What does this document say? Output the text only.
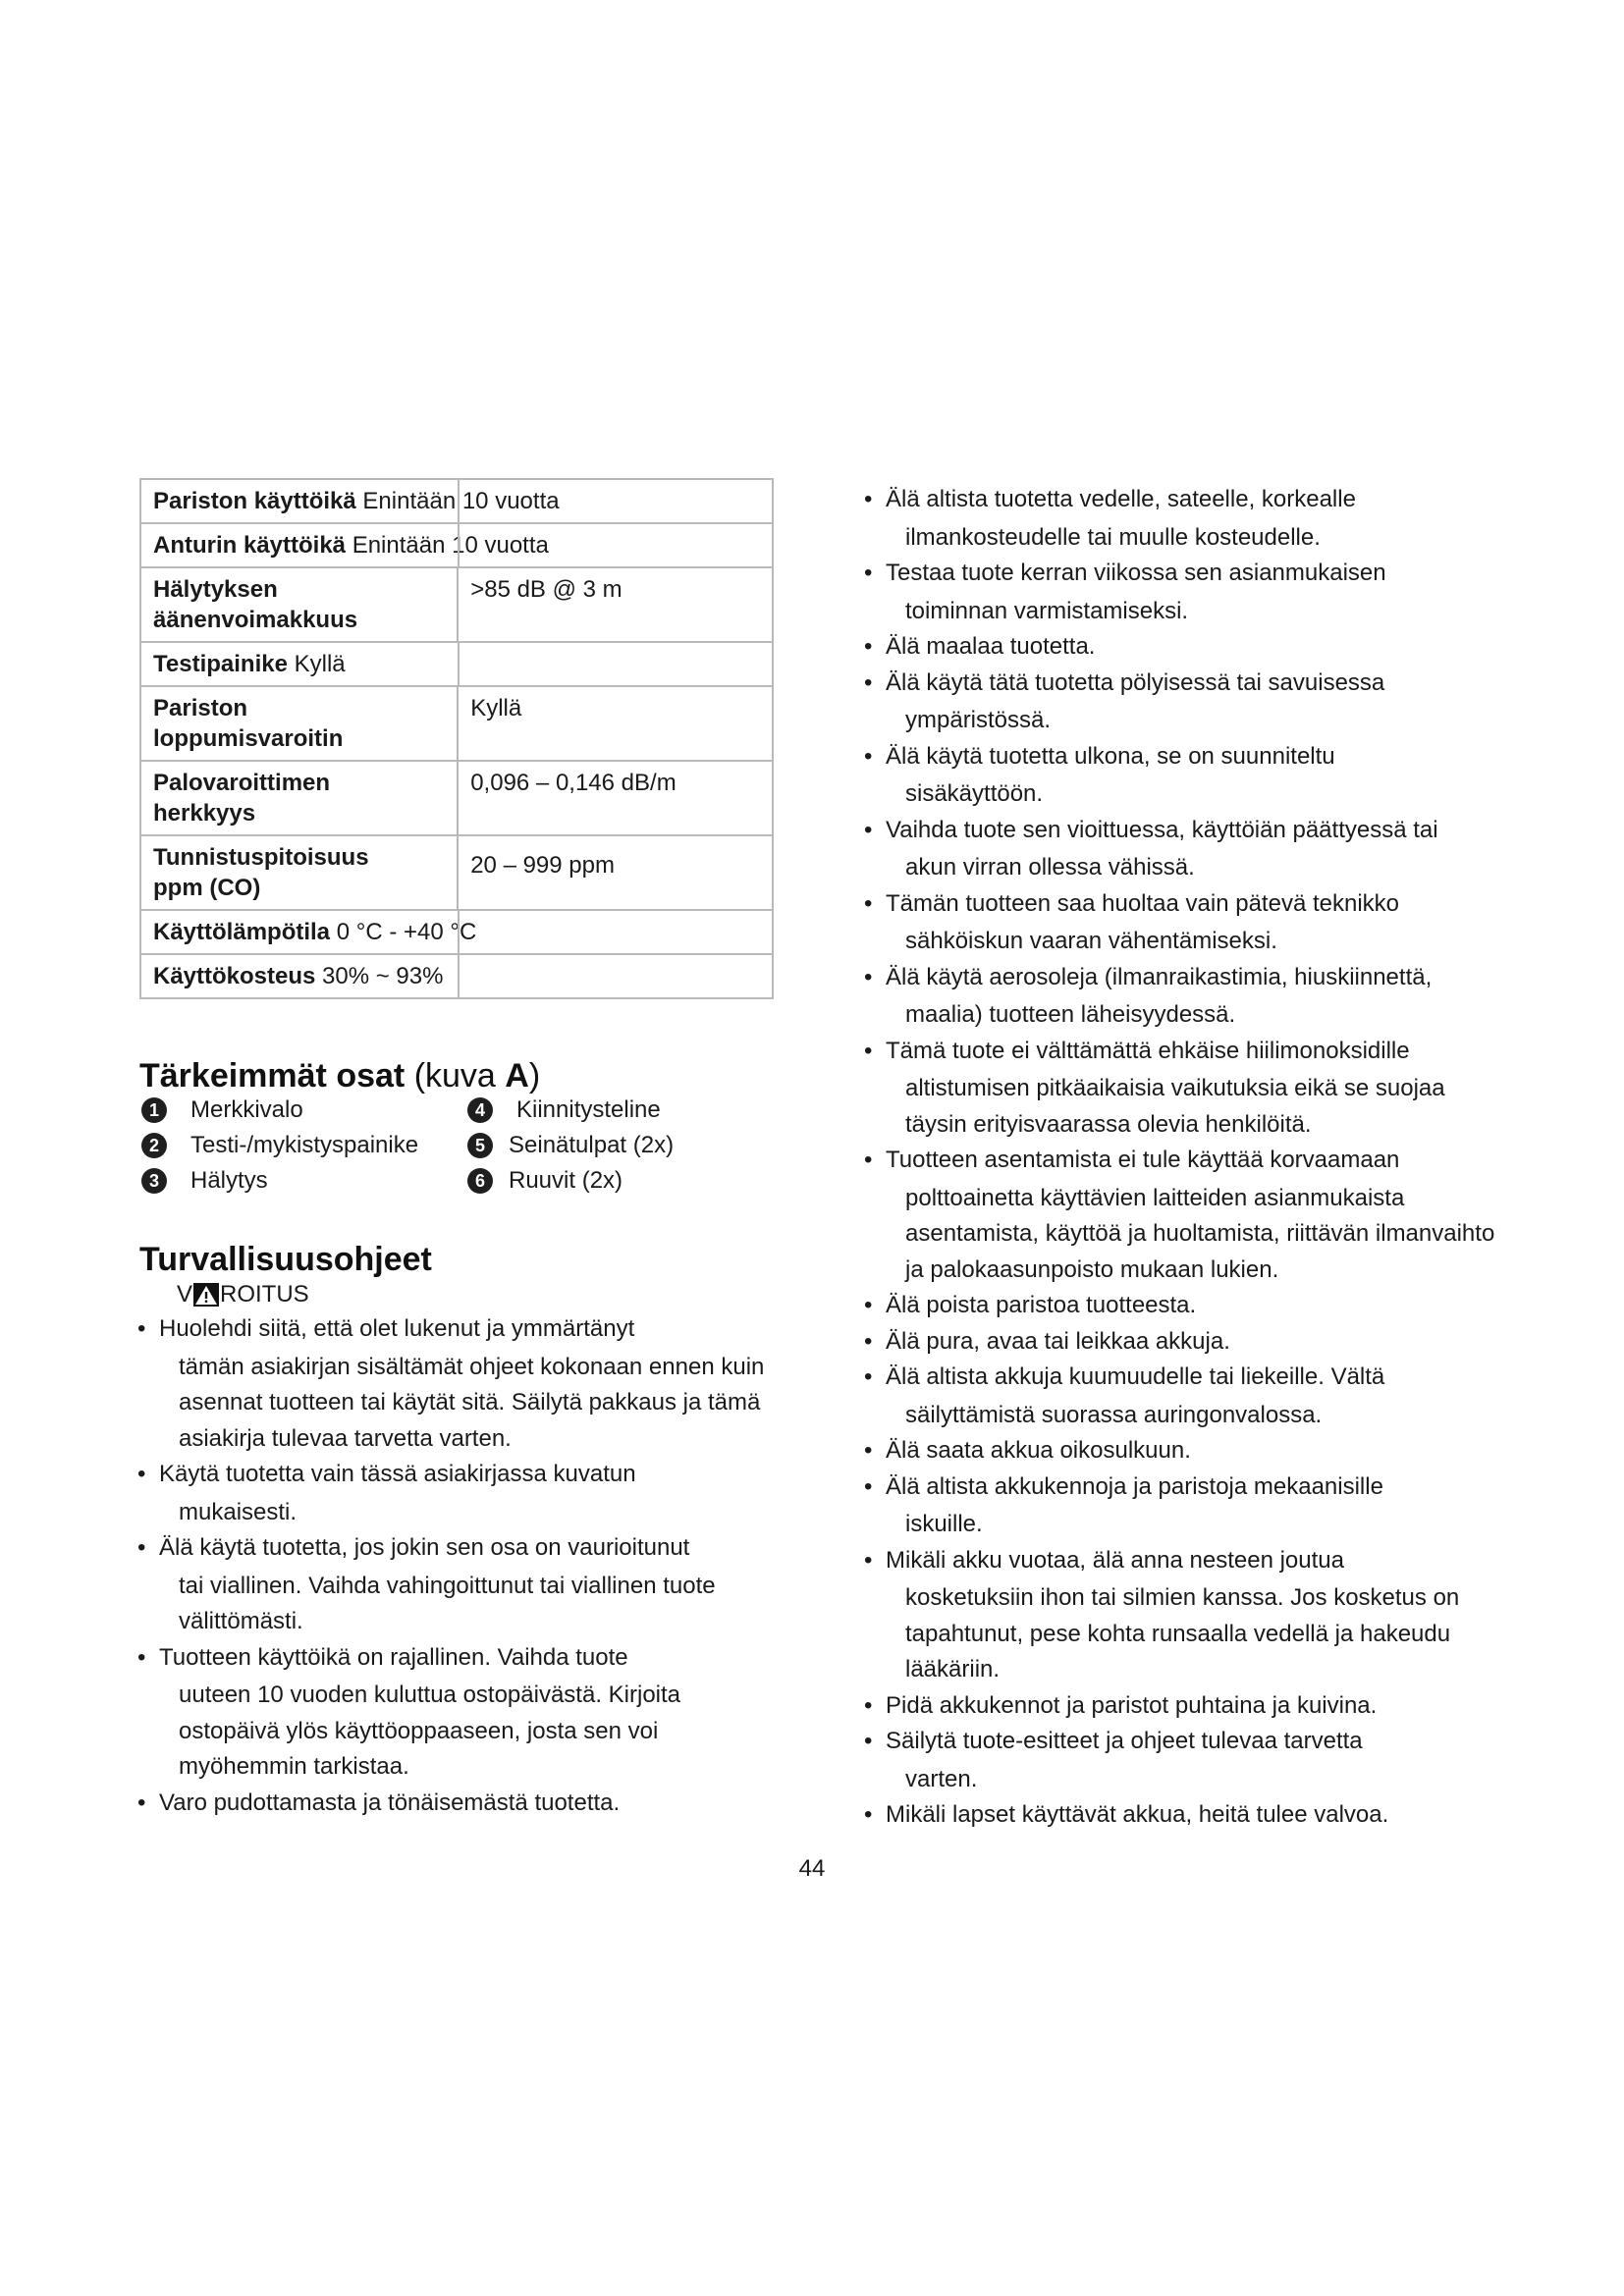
Pariston käyttöikä Enintään 10 vuotta	

Anturin käyttöikä Enintään 10 vuotta	
Hälytyksen äänenvoimakkuus	>85 dB @ 3 m

Testipainike Kyllä	
Pariston loppumisvaroitin	Kyllä
Palovaroittimen herkkyys	0,096 – 0,146 dB/m
Tunnistuspitoisuus ppm (CO)	20 – 999 ppm

Käyttölämpötila 0 °C - +40 °C	

Käyttökosteus 30% ~ 93%	
Tärkeimmät osat (kuva A)
1	Merkkivalo
2	Testi-/mykistyspainike
3	Hälytys
4	Kiinnitysteline
5	Seinätulpat (2x)
6	Ruuvit (2x)
Turvallisuusohjeet
V ROITUS
• Huolehdi siitä, että olet lukenut ja ymmärtänyt
tämän asiakirjan sisältämät ohjeet kokonaan ennen kuin asennat tuotteen tai käytät sitä. Säilytä pakkaus ja tämä asiakirja tulevaa tarvetta varten.
• Käytä tuotetta vain tässä asiakirjassa kuvatun
mukaisesti.
• Älä käytä tuotetta, jos jokin sen osa on vaurioitunut
tai viallinen. Vaihda vahingoittunut tai viallinen tuote välittömästi.
• Tuotteen käyttöikä on rajallinen. Vaihda tuote
uuteen 10 vuoden kuluttua ostopäivästä. Kirjoita ostopäivä ylös käyttöoppaaseen, josta sen voi myöhemmin tarkistaa.
• Varo pudottamasta ja tönäisemästä tuotetta.
• Älä altista tuotetta vedelle, sateelle, korkealle
ilmankosteudelle tai muulle kosteudelle.
• Testaa tuote kerran viikossa sen asianmukaisen
toiminnan varmistamiseksi.
• Älä maalaa tuotetta.
• Älä käytä tätä tuotetta pölyisessä tai savuisessa
ympäristössä.
• Älä käytä tuotetta ulkona, se on suunniteltu
sisäkäyttöön.
• Vaihda tuote sen vioittuessa, käyttöiän päättyessä tai
akun virran ollessa vähissä.
• Tämän tuotteen saa huoltaa vain pätevä teknikko
sähköiskun vaaran vähentämiseksi.
• Älä käytä aerosoleja (ilmanraikastimia, hiuskiinnettä,
maalia) tuotteen läheisyydessä.
• Tämä tuote ei välttämättä ehkäise hiilimonoksidille
altistumisen pitkäaikaisia vaikutuksia eikä se suojaa täysin erityisvaarassa olevia henkilöitä.
• Tuotteen asentamista ei tule käyttää korvaamaan
polttoainetta käyttävien laitteiden asianmukaista asentamista, käyttöä ja huoltamista, riittävän ilmanvaihto ja palokaasunpoisto mukaan lukien.
• Älä poista paristoa tuotteesta.
• Älä pura, avaa tai leikkaa akkuja.
• Älä altista akkuja kuumuudelle tai liekeille. Vältä
säilyttämistä suorassa auringonvalossa.
• Älä saata akkua oikosulkuun.
• Älä altista akkukennoja ja paristoja mekaanisille
iskuille.
• Mikäli akku vuotaa, älä anna nesteen joutua
kosketuksiin ihon tai silmien kanssa. Jos kosketus on tapahtunut, pese kohta runsaalla vedellä ja hakeudu lääkäriin.
• Pidä akkukennot ja paristot puhtaina ja kuivina.
• Säilytä tuote-esitteet ja ohjeet tulevaa tarvetta
varten.
• Mikäli lapset käyttävät akkua, heitä tulee valvoa.
44
